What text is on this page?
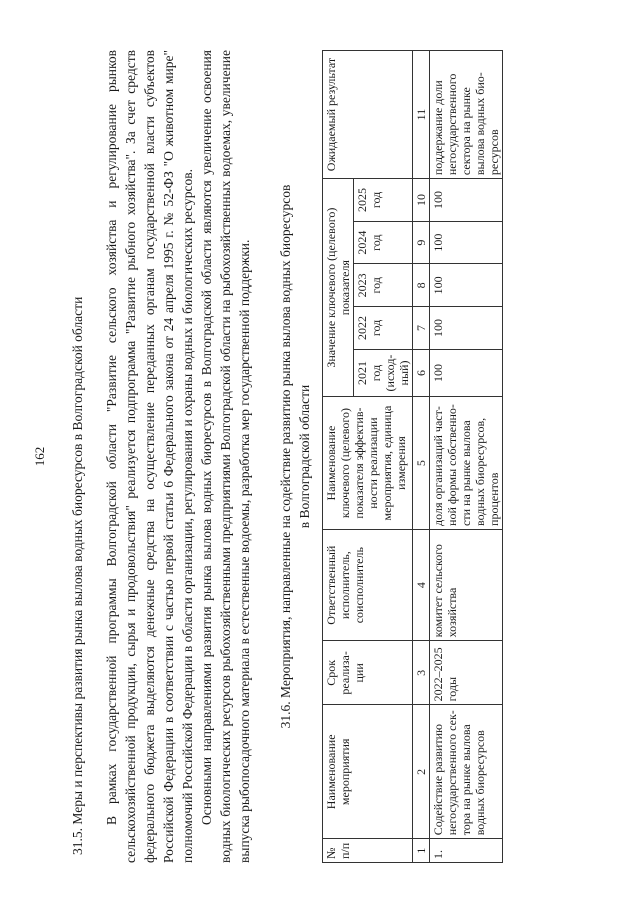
162 31.5. Меры и перспективы развития рынка вылова водных биоресурсов в Волгоградской области В рамках государственной программы Волгоградской области "Развитие сельского хозяйства и регулирование рынков сельскохозяйственной продукции, сырья и продовольствия" реализуется подпрограмма "Развитие рыбного хозяйства". За счет средств федерального бюджета выделяются денежные средства на осуществление переданных органам государственной власти субъектов Российской Федерации в соответствии с частью первой статьи 6 Федерального закона от 24 апреля 1995 г. № 52-ФЗ "О животном мире" полномочий Российской Федерации в области организации, регулирования и охраны водных и биологических ресурсов. Основными направлениями развития рынка вылова водных биоресурсов в Волгоградской области являются увеличение освоения водных биологических ресурсов рыбохозяйственными предприятиями Волгоградской области на рыбохозяйственных водоемах, увеличение выпуска рыбопосадочного материала в естественные водоемы, разработка мер государственной поддержки. 31.6. Мероприятия, направленные на содействие развитию рынка вылова водных биоресурсов в Волгоградской области
№ п/п	Наименование мероприятия	Срок реализа-ции	Ответственный исполнитель, соисполнитель	Наименование ключевого (целевого) показателя эффектив-ности реализации мероприятия, единица измерения	Значение ключевого (целевого) показателя					Ожидаемый результат
					2021 год (исход-ный)	2022 год	2023 год	2024 год	2025 год	
1	2	3	4	5	6	7	8	9	10	11
1.	Содействие развитию негосударственного сек-тора на рынке вылова водных биоресурсов	2022–2025 годы	комитет сельского хозяйства	доля организаций част-ной формы собственно-сти на рынке вылова водных биоресурсов, процентов	100	100	100	100	100	поддержание доли негосударственного сектора на рынке вылова водных био-ресурсов
